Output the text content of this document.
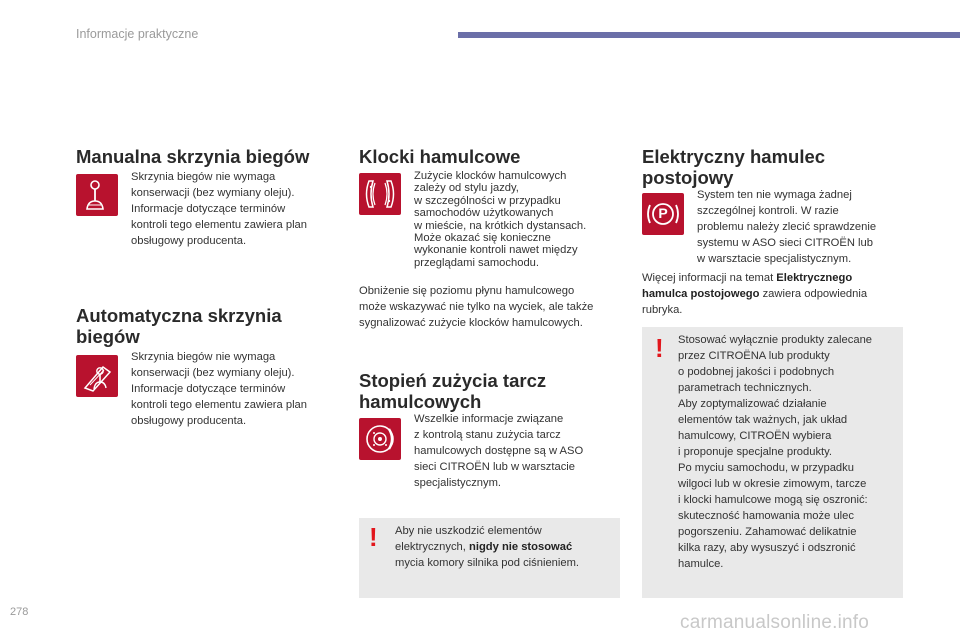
Informacje praktyczne
Manualna skrzynia biegów
Skrzynia biegów nie wymaga
konserwacji (bez wymiany oleju).
Informacje dotyczące terminów
kontroli tego elementu zawiera plan
obsługowy producenta.
Automatyczna skrzynia
biegów
Skrzynia biegów nie wymaga
konserwacji (bez wymiany oleju).
Informacje dotyczące terminów
kontroli tego elementu zawiera plan
obsługowy producenta.
Klocki hamulcowe
Zużycie klocków hamulcowych
zależy od stylu jazdy,
w szczególności w przypadku
samochodów użytkowanych
w mieście, na krótkich dystansach.
Może okazać się konieczne
wykonanie kontroli nawet między
przeglądami samochodu.
Obniżenie się poziomu płynu hamulcowego
może wskazywać nie tylko na wyciek, ale także
sygnalizować zużycie klocków hamulcowych.
Stopień zużycia tarcz
hamulcowych
Wszelkie informacje związane
z kontrolą stanu zużycia tarcz
hamulcowych dostępne są w ASO
sieci CITROËN lub w warsztacie
specjalistycznym.
! Aby nie uszkodzić elementów
elektrycznych, nigdy nie stosować
mycia komory silnika pod ciśnieniem.
Elektryczny hamulec
postojowy
P
System ten nie wymaga żadnej
szczególnej kontroli. W razie
problemu należy zlecić sprawdzenie
systemu w ASO sieci CITROËN lub
w warsztacie specjalistycznym.
Więcej informacji na temat Elektrycznego
hamulca postojowego zawiera odpowiednia
rubryka.
! Stosować wyłącznie produkty zalecane
przez CITROËNA lub produkty
o podobnej jakości i podobnych
parametrach technicznych.
Aby zoptymalizować działanie
elementów tak ważnych, jak układ
hamulcowy, CITROËN wybiera
i proponuje specjalne produkty.
Po myciu samochodu, w przypadku
wilgoci lub w okresie zimowym, tarcze
i klocki hamulcowe mogą się oszronić:
skuteczność hamowania może ulec
pogorszeniu. Zahamować delikatnie
kilka razy, aby wysuszyć i odszronić
hamulce.
278	carmanualsonline.info
